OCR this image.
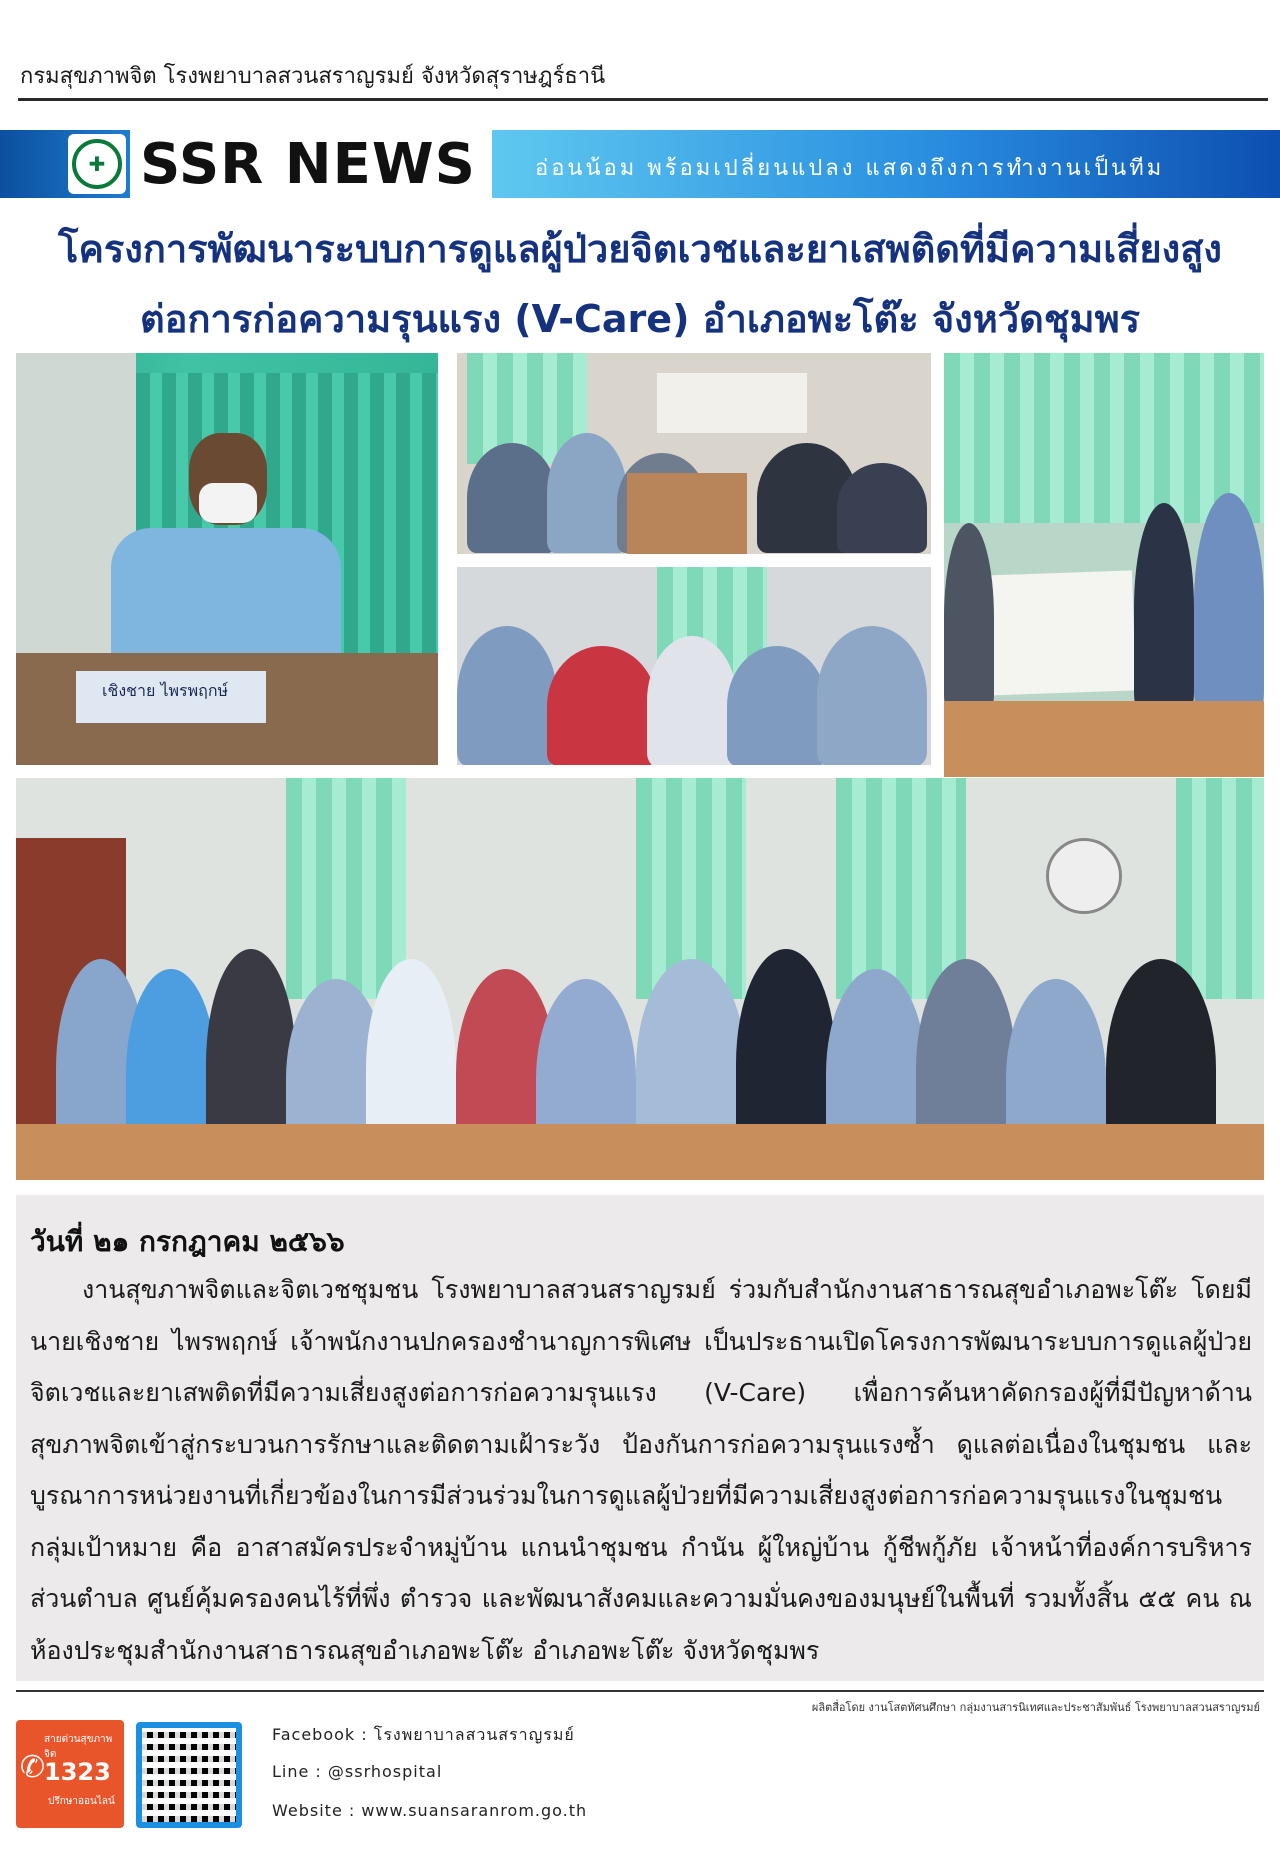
กรมสุขภาพจิต โรงพยาบาลสวนสราญรมย์ จังหวัดสุราษฎร์ธานี
✚ SSR NEWS	อ่อนน้อม พร้อมเปลี่ยนแปลง แสดงถึงการทำงานเป็นทีม
โครงการพัฒนาระบบการดูแลผู้ป่วยจิตเวชและยาเสพติดที่มีความเสี่ยงสูง
ต่อการก่อความรุนแรง (V-Care) อำเภอพะโต๊ะ จังหวัดชุมพร
เชิงชาย ไพรพฤกษ์
วันที่ ๒๑ กรกฎาคม ๒๕๖๖
งานสุขภาพจิตและจิตเวชชุมชน โรงพยาบาลสวนสราญรมย์ ร่วมกับสำนักงานสาธารณสุขอำเภอพะโต๊ะ โดยมี นายเชิงชาย ไพรพฤกษ์ เจ้าพนักงานปกครองชำนาญการพิเศษ เป็นประธานเปิดโครงการพัฒนาระบบการดูแลผู้ป่วยจิตเวชและยาเสพติดที่มีความเสี่ยงสูงต่อการก่อความรุนแรง (V-Care) เพื่อการค้นหาคัดกรองผู้ที่มีปัญหาด้านสุขภาพจิตเข้าสู่กระบวนการรักษาและติดตามเฝ้าระวัง ป้องกันการก่อความรุนแรงซ้ำ ดูแลต่อเนื่องในชุมชน และบูรณาการหน่วยงานที่เกี่ยวข้องในการมีส่วนร่วมในการดูแลผู้ป่วยที่มีความเสี่ยงสูงต่อการก่อความรุนแรงในชุมชน กลุ่มเป้าหมาย คือ อาสาสมัครประจำหมู่บ้าน แกนนำชุมชน กำนัน ผู้ใหญ่บ้าน กู้ชีพกู้ภัย เจ้าหน้าที่องค์การบริหารส่วนตำบล ศูนย์คุ้มครองคนไร้ที่พึ่ง ตำรวจ และพัฒนาสังคมและความมั่นคงของมนุษย์ในพื้นที่ รวมทั้งสิ้น ๕๕ คน ณ ห้องประชุมสำนักงานสาธารณสุขอำเภอพะโต๊ะ อำเภอพะโต๊ะ จังหวัดชุมพร
ผลิตสื่อโดย งานโสตทัศนศึกษา กลุ่มงานสารนิเทศและประชาสัมพันธ์ โรงพยาบาลสวนสราญรมย์
✆
สายด่วนสุขภาพจิต
1323
ปรึกษาออนไลน์
Facebook : โรงพยาบาลสวนสราญรมย์
Line : @ssrhospital
Website : www.suansaranrom.go.th
